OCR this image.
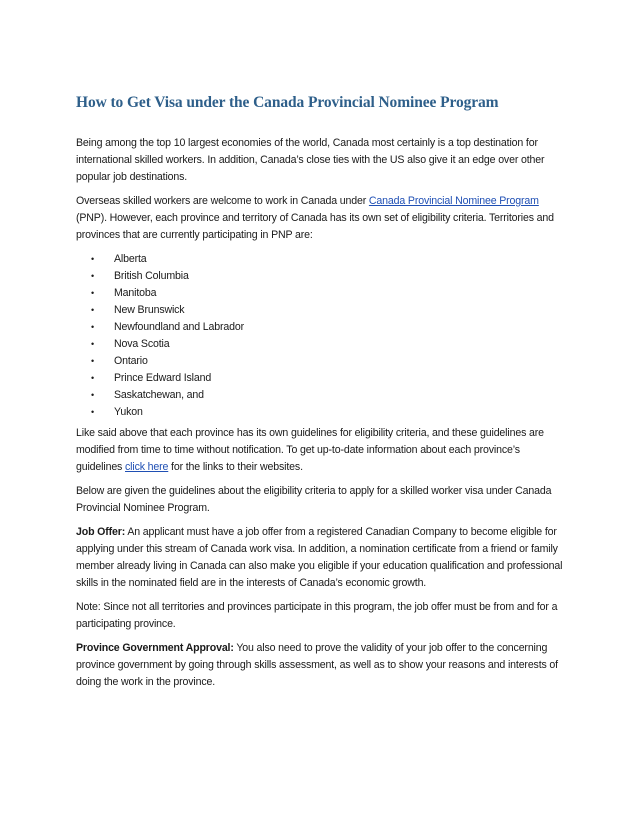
How to Get Visa under the Canada Provincial Nominee Program

Being among the top 10 largest economies of the world, Canada most certainly is a top destination for international skilled workers. In addition, Canada’s close ties with the US also give it an edge over other popular job destinations.

Overseas skilled workers are welcome to work in Canada under Canada Provincial Nominee Program (PNP). However, each province and territory of Canada has its own set of eligibility criteria. Territories and provinces that are currently participating in PNP are:

• Alberta
• British Columbia
• Manitoba
• New Brunswick
• Newfoundland and Labrador
• Nova Scotia
• Ontario
• Prince Edward Island
• Saskatchewan, and
• Yukon

Like said above that each province has its own guidelines for eligibility criteria, and these guidelines are modified from time to time without notification. To get up-to-date information about each province’s guidelines click here for the links to their websites.

Below are given the guidelines about the eligibility criteria to apply for a skilled worker visa under Canada Provincial Nominee Program.

Job Offer: An applicant must have a job offer from a registered Canadian Company to become eligible for applying under this stream of Canada work visa. In addition, a nomination certificate from a friend or family member already living in Canada can also make you eligible if your education qualification and professional skills in the nominated field are in the interests of Canada’s economic growth.

Note: Since not all territories and provinces participate in this program, the job offer must be from and for a participating province.

Province Government Approval: You also need to prove the validity of your job offer to the concerning province government by going through skills assessment, as well as to show your reasons and interests of doing the work in the province.
